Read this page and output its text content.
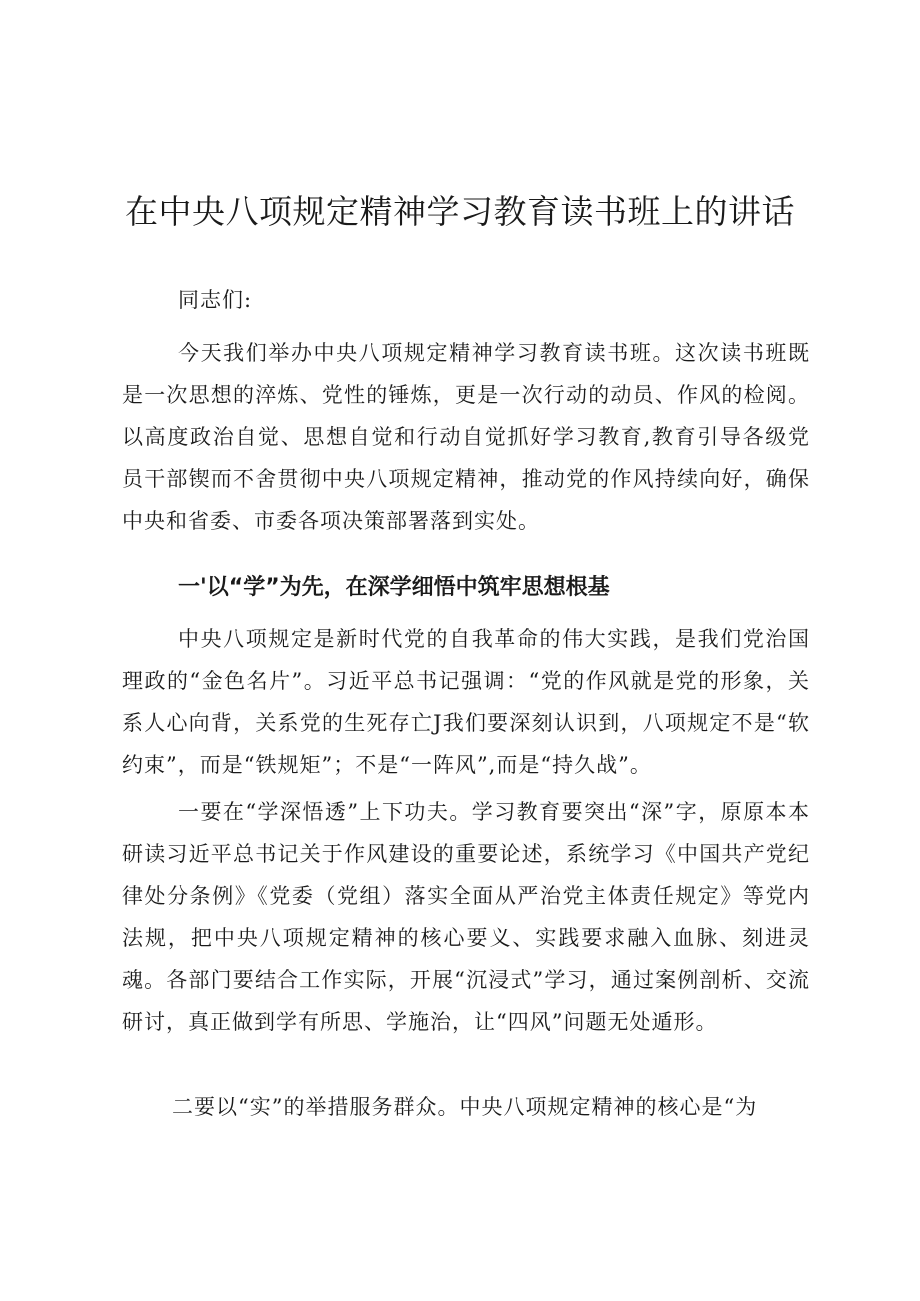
在中央八项规定精神学习教育读书班上的讲话

同志们:

今天我们举办中央八项规定精神学习教育读书班。这次读书班既是一次思想的淬炼、党性的锤炼，更是一次行动的动员、作风的检阅。以高度政治自觉、思想自觉和行动自觉抓好学习教育,教育引导各级党员干部锲而不舍贯彻中央八项规定精神，推动党的作风持续向好，确保中央和省委、市委各项决策部署落到实处。

一'以“学”为先，在深学细悟中筑牢思想根基

中央八项规定是新时代党的自我革命的伟大实践，是我们党治国理政的“金色名片”。习近平总书记强调：“党的作风就是党的形象，关系人心向背，关系党的生死存亡J我们要深刻认识到，八项规定不是“软约束”，而是“铁规矩”；不是“一阵风”,而是“持久战”。

一要在“学深悟透”上下功夫。学习教育要突出“深”字，原原本本研读习近平总书记关于作风建设的重要论述，系统学习《中国共产党纪律处分条例》《党委（党组）落实全面从严治党主体责任规定》等党内法规，把中央八项规定精神的核心要义、实践要求融入血脉、刻进灵魂。各部门要结合工作实际，开展“沉浸式”学习，通过案例剖析、交流研讨，真正做到学有所思、学施治，让“四风”问题无处遁形。

二要以“实”的举措服务群众。中央八项规定精神的核心是“为
